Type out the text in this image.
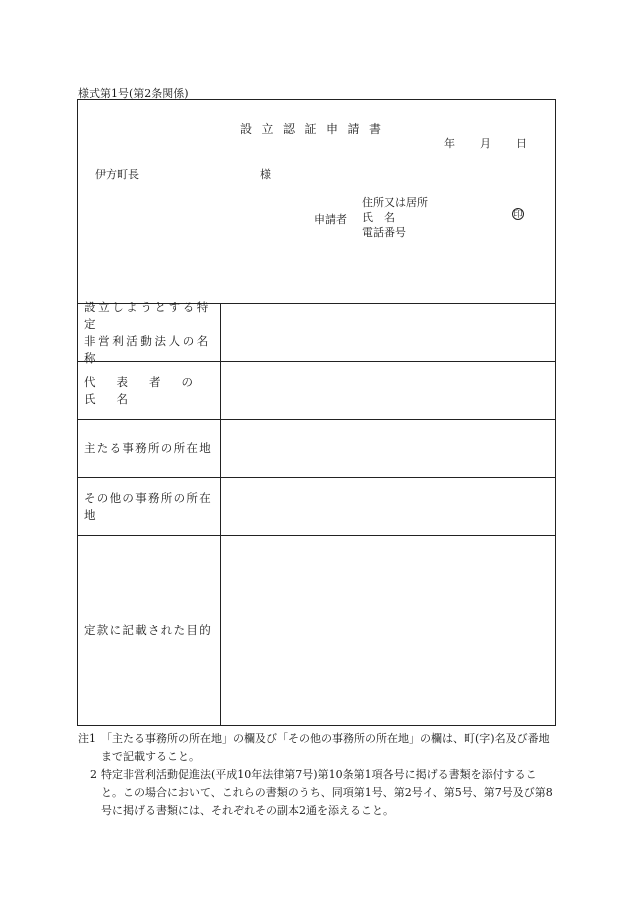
様式第1号(第2条関係)
設立認証申請書
年 月 日
伊方町長	様
申請者
住所又は居所
氏　名
電話番号
印
設立しようとする特定
非営利活動法人の名称
代表者の氏名
主たる事務所の所在地
その他の事務所の所在地
定款に記載された目的
注1 「主たる事務所の所在地」の欄及び「その他の事務所の所在地」の欄は、町(字)名及び番地まで記載すること。
2 特定非営利活動促進法(平成10年法律第7号)第10条第1項各号に掲げる書類を添付すること。この場合において、これらの書類のうち、同項第1号、第2号イ、第5号、第7号及び第8号に掲げる書類には、それぞれその副本2通を添えること。
